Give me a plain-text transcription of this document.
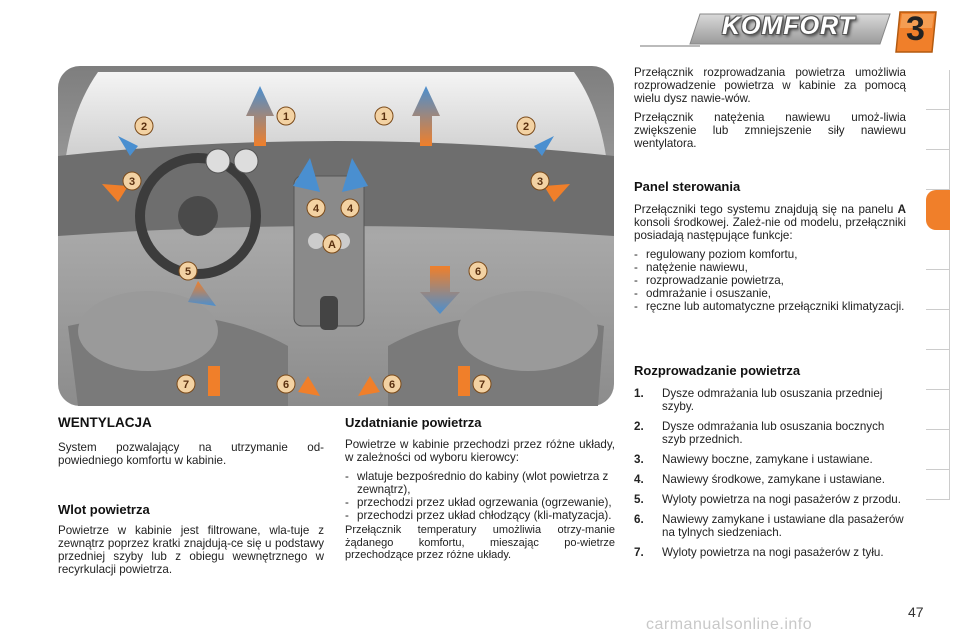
KOMFORT 3
1	1
2	2
3	3
4	4
5	6
7	6	6	7
A
WENTYLACJA
System pozwalający na utrzymanie od-powiedniego komfortu w kabinie.
Wlot powietrza
Powietrze w kabinie jest filtrowane, wla-tuje z zewnątrz poprzez kratki znajdują-ce się u podstawy przedniej szyby lub z obiegu wewnętrznego w recyrkulacji powietrza.
Uzdatnianie powietrza
Powietrze w kabinie przechodzi przez różne układy, w zależności od wyboru kierowcy:
- wlatuje bezpośrednio do kabiny (wlot powietrza z zewnątrz),
- przechodzi przez układ ogrzewania (ogrzewanie),
- przechodzi przez układ chłodzący (kli-matyzacja).
Przełącznik temperatury umożliwia otrzy-manie żądanego komfortu, mieszając po-wietrze przechodzące przez różne układy.
Przełącznik rozprowadzania powietrza umożliwia rozprowadzenie powietrza w kabinie za pomocą wielu dysz nawie-wów.
Przełącznik natężenia nawiewu umoż-liwia zwiększenie lub zmniejszenie siły nawiewu wentylatora.
Panel sterowania
Przełączniki tego systemu znajdują się na panelu A konsoli środkowej. Zależ-nie od modelu, przełączniki posiadają następujące funkcje:
- regulowany poziom komfortu,
- natężenie nawiewu,
- rozprowadzanie powietrza,
- odmrażanie i osuszanie,
- ręczne lub automatyczne przełączniki klimatyzacji.
Rozprowadzanie powietrza
1. Dysze odmrażania lub osuszania przedniej szyby.
2. Dysze odmrażania lub osuszania bocznych szyb przednich.
3. Nawiewy boczne, zamykane i ustawiane.
4. Nawiewy środkowe, zamykane i ustawiane.
5. Wyloty powietrza na nogi pasażerów z przodu.
6. Nawiewy zamykane i ustawiane dla pasażerów na tylnych siedzeniach.
7. Wyloty powietrza na nogi pasażerów z tyłu.
47
carmanualsonline.info
